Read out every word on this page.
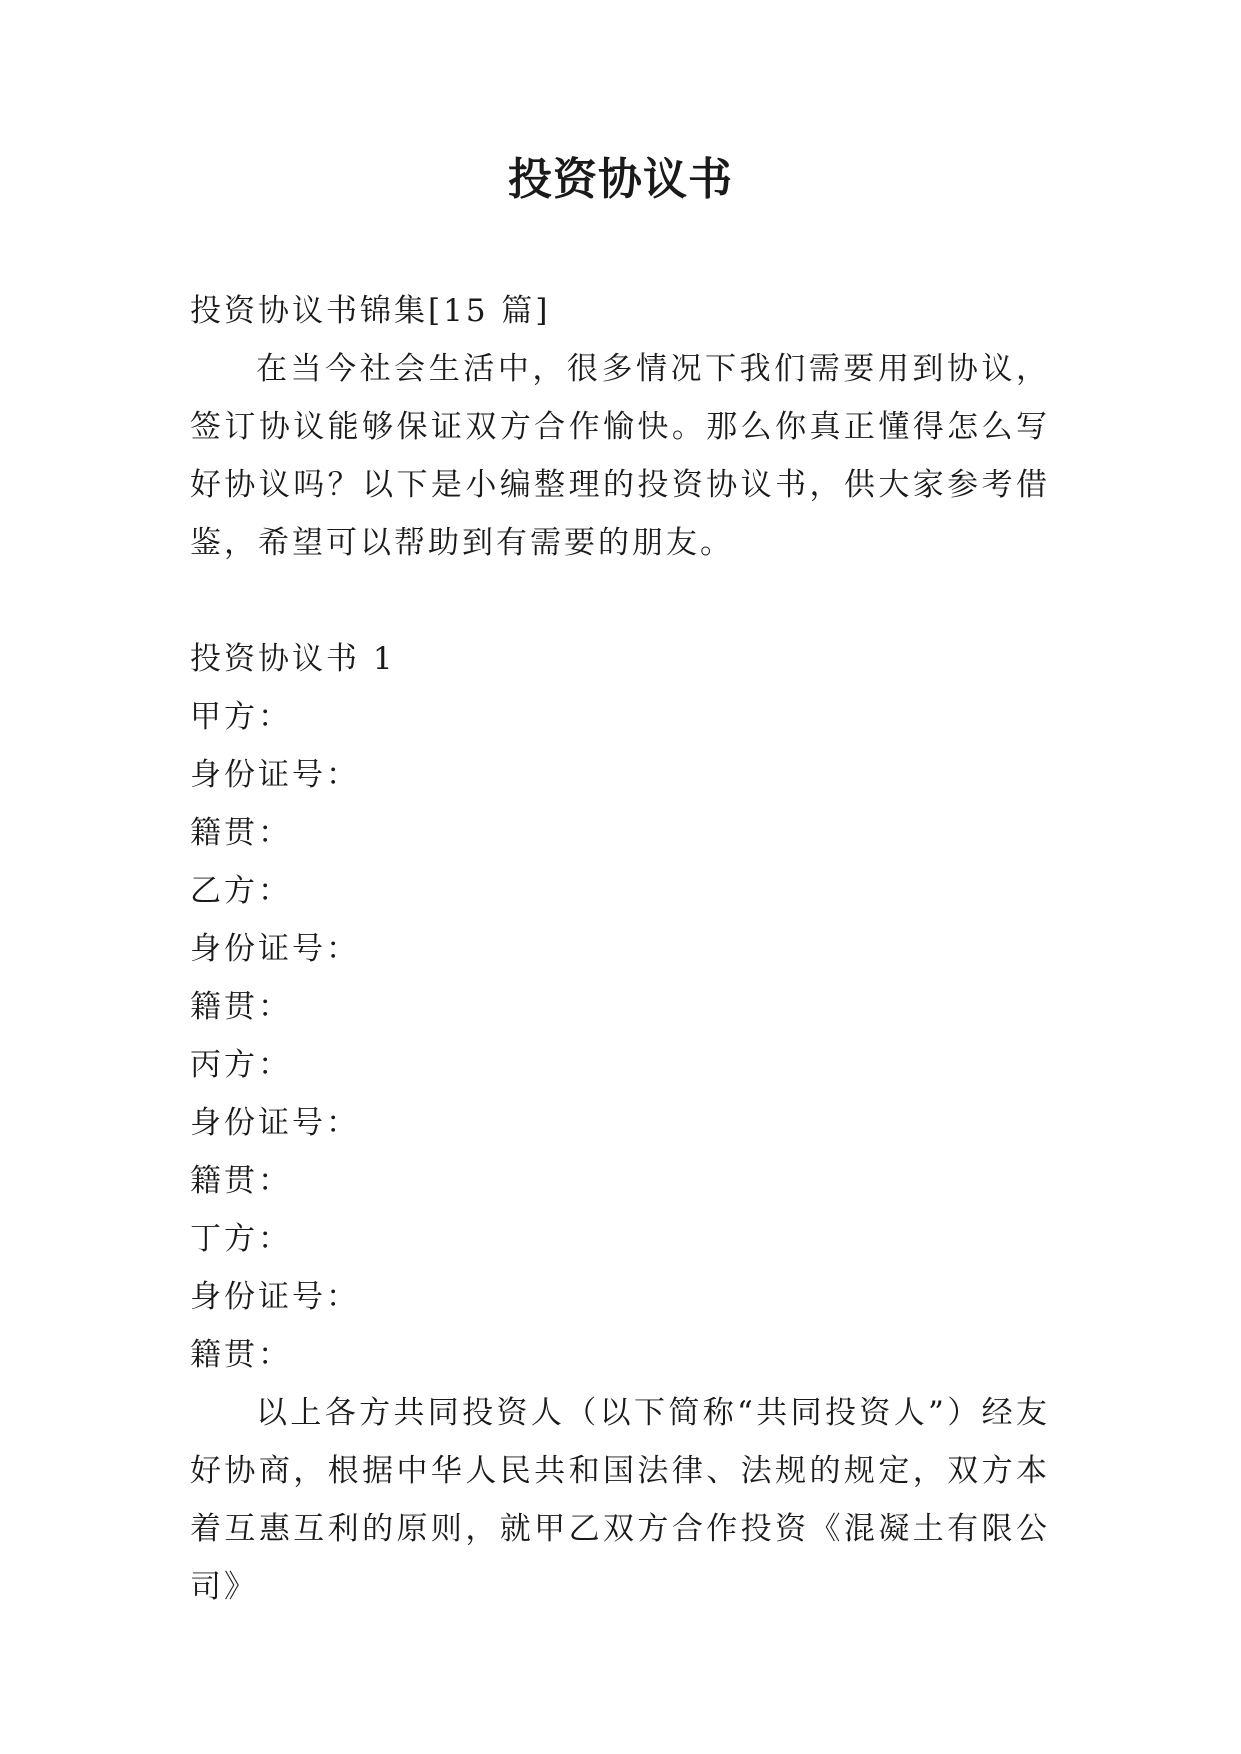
投资协议书

投资协议书锦集[15 篇]

在当今社会生活中，很多情况下我们需要用到协议，签订协议能够保证双方合作愉快。那么你真正懂得怎么写好协议吗？以下是小编整理的投资协议书，供大家参考借鉴，希望可以帮助到有需要的朋友。

投资协议书 1

甲方：

身份证号：

籍贯：

乙方：

身份证号：

籍贯：

丙方：

身份证号：

籍贯：

丁方：

身份证号：

籍贯：

以上各方共同投资人（以下简称“共同投资人”）经友好协商，根据中华人民共和国法律、法规的规定，双方本着互惠互利的原则，就甲乙双方合作投资《混凝土有限公司》
